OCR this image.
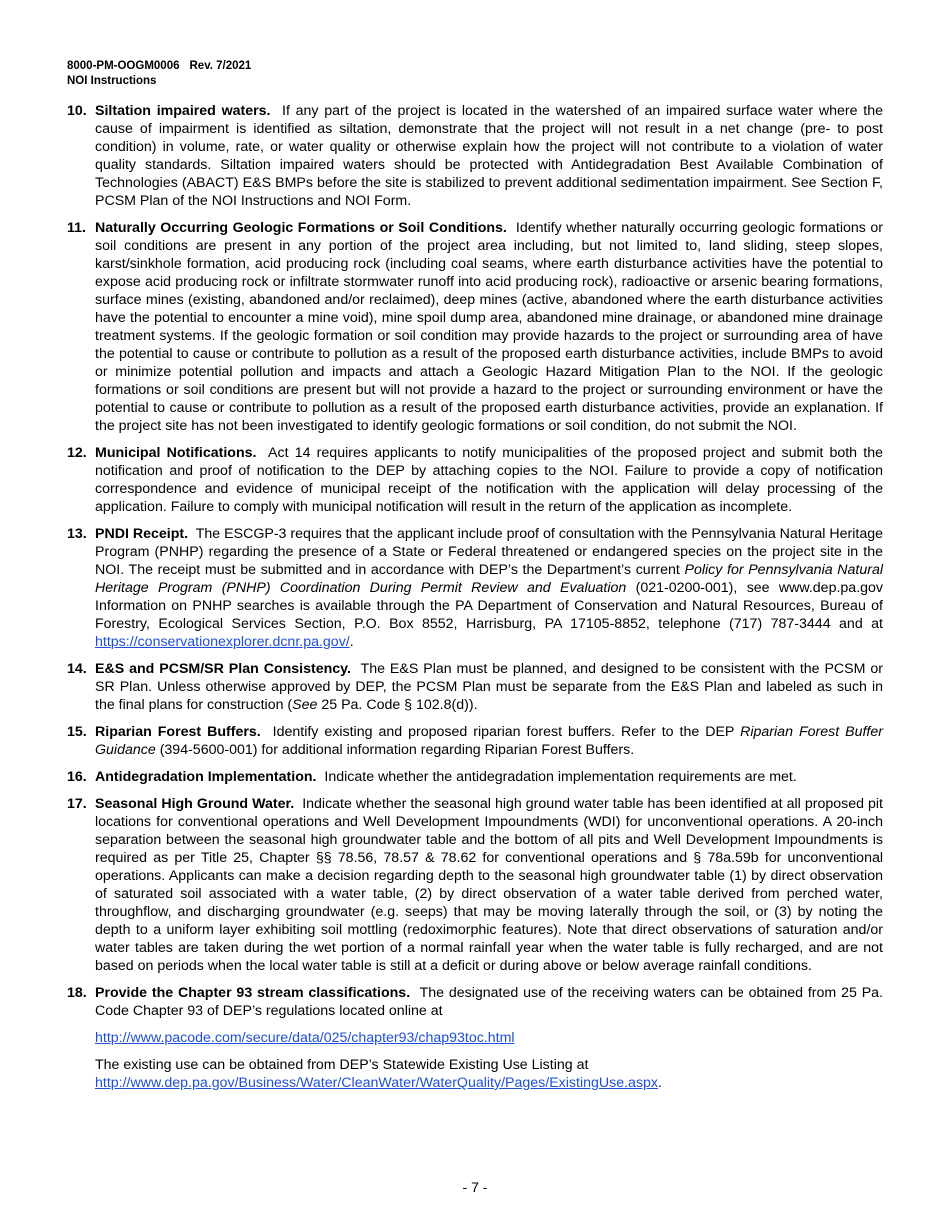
8000-PM-OOGM0006 Rev. 7/2021
NOI Instructions
10. Siltation impaired waters. If any part of the project is located in the watershed of an impaired surface water where the cause of impairment is identified as siltation, demonstrate that the project will not result in a net change (pre- to post condition) in volume, rate, or water quality or otherwise explain how the project will not contribute to a violation of water quality standards. Siltation impaired waters should be protected with Antidegradation Best Available Combination of Technologies (ABACT) E&S BMPs before the site is stabilized to prevent additional sedimentation impairment. See Section F, PCSM Plan of the NOI Instructions and NOI Form.
11. Naturally Occurring Geologic Formations or Soil Conditions. Identify whether naturally occurring geologic formations or soil conditions are present in any portion of the project area including, but not limited to, land sliding, steep slopes, karst/sinkhole formation, acid producing rock (including coal seams, where earth disturbance activities have the potential to expose acid producing rock or infiltrate stormwater runoff into acid producing rock), radioactive or arsenic bearing formations, surface mines (existing, abandoned and/or reclaimed), deep mines (active, abandoned where the earth disturbance activities have the potential to encounter a mine void), mine spoil dump area, abandoned mine drainage, or abandoned mine drainage treatment systems. If the geologic formation or soil condition may provide hazards to the project or surrounding area of have the potential to cause or contribute to pollution as a result of the proposed earth disturbance activities, include BMPs to avoid or minimize potential pollution and impacts and attach a Geologic Hazard Mitigation Plan to the NOI. If the geologic formations or soil conditions are present but will not provide a hazard to the project or surrounding environment or have the potential to cause or contribute to pollution as a result of the proposed earth disturbance activities, provide an explanation. If the project site has not been investigated to identify geologic formations or soil condition, do not submit the NOI.
12. Municipal Notifications. Act 14 requires applicants to notify municipalities of the proposed project and submit both the notification and proof of notification to the DEP by attaching copies to the NOI. Failure to provide a copy of notification correspondence and evidence of municipal receipt of the notification with the application will delay processing of the application. Failure to comply with municipal notification will result in the return of the application as incomplete.
13. PNDI Receipt. The ESCGP-3 requires that the applicant include proof of consultation with the Pennsylvania Natural Heritage Program (PNHP) regarding the presence of a State or Federal threatened or endangered species on the project site in the NOI. The receipt must be submitted and in accordance with DEP’s the Department’s current Policy for Pennsylvania Natural Heritage Program (PNHP) Coordination During Permit Review and Evaluation (021-0200-001), see www.dep.pa.gov Information on PNHP searches is available through the PA Department of Conservation and Natural Resources, Bureau of Forestry, Ecological Services Section, P.O. Box 8552, Harrisburg, PA 17105-8852, telephone (717) 787-3444 and at https://conservationexplorer.dcnr.pa.gov/.
14. E&S and PCSM/SR Plan Consistency. The E&S Plan must be planned, and designed to be consistent with the PCSM or SR Plan. Unless otherwise approved by DEP, the PCSM Plan must be separate from the E&S Plan and labeled as such in the final plans for construction (See 25 Pa. Code § 102.8(d)).
15. Riparian Forest Buffers. Identify existing and proposed riparian forest buffers. Refer to the DEP Riparian Forest Buffer Guidance (394-5600-001) for additional information regarding Riparian Forest Buffers.
16. Antidegradation Implementation. Indicate whether the antidegradation implementation requirements are met.
17. Seasonal High Ground Water. Indicate whether the seasonal high ground water table has been identified at all proposed pit locations for conventional operations and Well Development Impoundments (WDI) for unconventional operations. A 20-inch separation between the seasonal high groundwater table and the bottom of all pits and Well Development Impoundments is required as per Title 25, Chapter §§ 78.56, 78.57 & 78.62 for conventional operations and § 78a.59b for unconventional operations. Applicants can make a decision regarding depth to the seasonal high groundwater table (1) by direct observation of saturated soil associated with a water table, (2) by direct observation of a water table derived from perched water, throughflow, and discharging groundwater (e.g. seeps) that may be moving laterally through the soil, or (3) by noting the depth to a uniform layer exhibiting soil mottling (redoximorphic features). Note that direct observations of saturation and/or water tables are taken during the wet portion of a normal rainfall year when the water table is fully recharged, and are not based on periods when the local water table is still at a deficit or during above or below average rainfall conditions.
18. Provide the Chapter 93 stream classifications. The designated use of the receiving waters can be obtained from 25 Pa. Code Chapter 93 of DEP’s regulations located online at
http://www.pacode.com/secure/data/025/chapter93/chap93toc.html
The existing use can be obtained from DEP’s Statewide Existing Use Listing at
http://www.dep.pa.gov/Business/Water/CleanWater/WaterQuality/Pages/ExistingUse.aspx.
- 7 -
